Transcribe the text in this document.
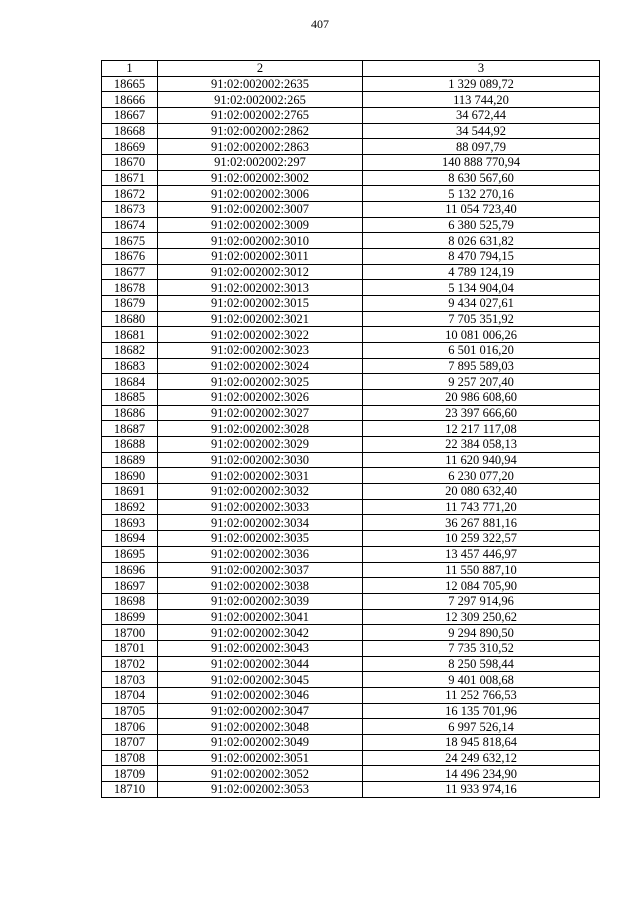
407
1	2	3
18665	91:02:002002:2635	1 329 089,72
18666	91:02:002002:265	113 744,20
18667	91:02:002002:2765	34 672,44
18668	91:02:002002:2862	34 544,92
18669	91:02:002002:2863	88 097,79
18670	91:02:002002:297	140 888 770,94
18671	91:02:002002:3002	8 630 567,60
18672	91:02:002002:3006	5 132 270,16
18673	91:02:002002:3007	11 054 723,40
18674	91:02:002002:3009	6 380 525,79
18675	91:02:002002:3010	8 026 631,82
18676	91:02:002002:3011	8 470 794,15
18677	91:02:002002:3012	4 789 124,19
18678	91:02:002002:3013	5 134 904,04
18679	91:02:002002:3015	9 434 027,61
18680	91:02:002002:3021	7 705 351,92
18681	91:02:002002:3022	10 081 006,26
18682	91:02:002002:3023	6 501 016,20
18683	91:02:002002:3024	7 895 589,03
18684	91:02:002002:3025	9 257 207,40
18685	91:02:002002:3026	20 986 608,60
18686	91:02:002002:3027	23 397 666,60
18687	91:02:002002:3028	12 217 117,08
18688	91:02:002002:3029	22 384 058,13
18689	91:02:002002:3030	11 620 940,94
18690	91:02:002002:3031	6 230 077,20
18691	91:02:002002:3032	20 080 632,40
18692	91:02:002002:3033	11 743 771,20
18693	91:02:002002:3034	36 267 881,16
18694	91:02:002002:3035	10 259 322,57
18695	91:02:002002:3036	13 457 446,97
18696	91:02:002002:3037	11 550 887,10
18697	91:02:002002:3038	12 084 705,90
18698	91:02:002002:3039	7 297 914,96
18699	91:02:002002:3041	12 309 250,62
18700	91:02:002002:3042	9 294 890,50
18701	91:02:002002:3043	7 735 310,52
18702	91:02:002002:3044	8 250 598,44
18703	91:02:002002:3045	9 401 008,68
18704	91:02:002002:3046	11 252 766,53
18705	91:02:002002:3047	16 135 701,96
18706	91:02:002002:3048	6 997 526,14
18707	91:02:002002:3049	18 945 818,64
18708	91:02:002002:3051	24 249 632,12
18709	91:02:002002:3052	14 496 234,90
18710	91:02:002002:3053	11 933 974,16
